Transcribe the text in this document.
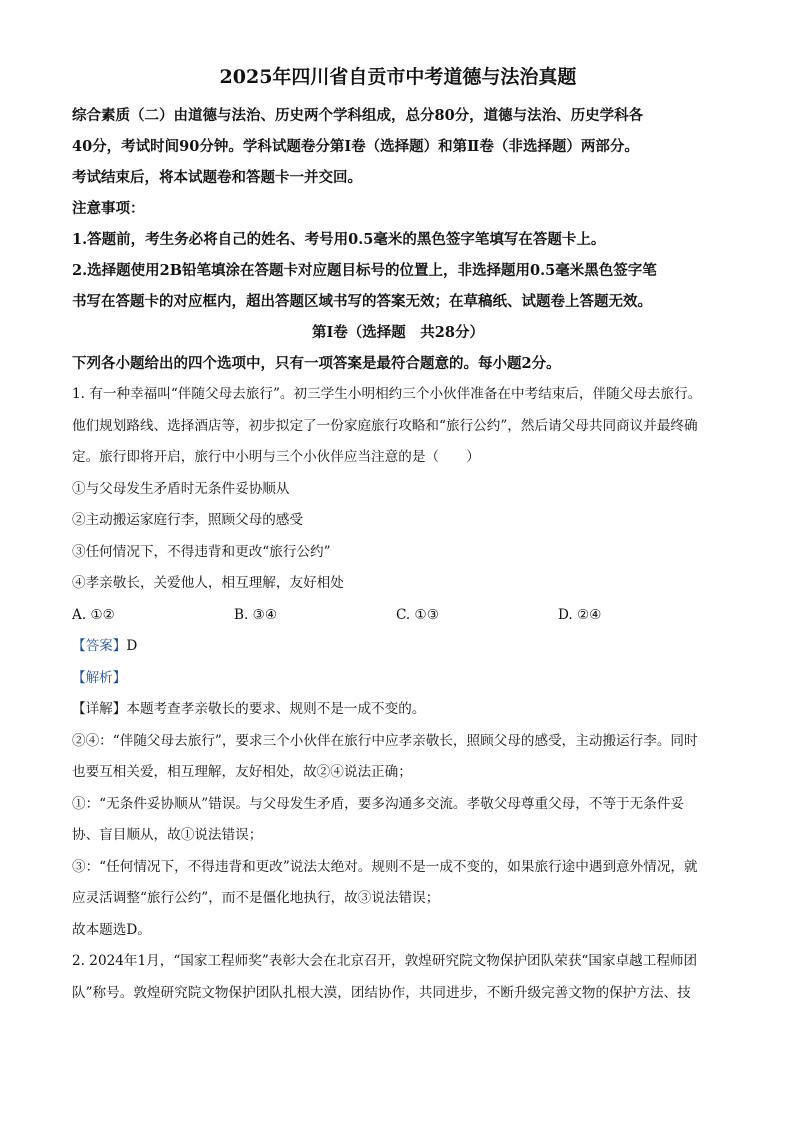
2025年四川省自贡市中考道德与法治真题
综合素质（二）由道德与法治、历史两个学科组成，总分80分，道德与法治、历史学科各
40分，考试时间90分钟。学科试题卷分第Ⅰ卷（选择题）和第Ⅱ卷（非选择题）两部分。
考试结束后，将本试题卷和答题卡一并交回。
注意事项：
1.答题前，考生务必将自己的姓名、考号用0.5毫米的黑色签字笔填写在答题卡上。
2.选择题使用2B铅笔填涂在答题卡对应题目标号的位置上，非选择题用0.5毫米黑色签字笔
书写在答题卡的对应框内，超出答题区域书写的答案无效；在草稿纸、试题卷上答题无效。
第Ⅰ卷（选择题　共28分）
下列各小题给出的四个选项中，只有一项答案是最符合题意的。每小题2分。
1. 有一种幸福叫“伴随父母去旅行”。初三学生小明相约三个小伙伴准备在中考结束后，伴随父母去旅行。
他们规划路线、选择酒店等，初步拟定了一份家庭旅行攻略和“旅行公约”，然后请父母共同商议并最终确
定。旅行即将开启，旅行中小明与三个小伙伴应当注意的是（　　）
①与父母发生矛盾时无条件妥协顺从
②主动搬运家庭行李，照顾父母的感受
③任何情况下，不得违背和更改“旅行公约”
④孝亲敬长，关爱他人，相互理解，友好相处
A. ①②	B. ③④	C. ①③	D. ②④
【答案】D
【解析】
【详解】本题考查孝亲敬长的要求、规则不是一成不变的。
②④：“伴随父母去旅行”，要求三个小伙伴在旅行中应孝亲敬长，照顾父母的感受，主动搬运行李。同时
也要互相关爱，相互理解，友好相处，故②④说法正确；
①：“无条件妥协顺从”错误。与父母发生矛盾，要多沟通多交流。孝敬父母尊重父母，不等于无条件妥
协、盲目顺从，故①说法错误；
③：“任何情况下，不得违背和更改”说法太绝对。规则不是一成不变的，如果旅行途中遇到意外情况，就
应灵活调整“旅行公约”，而不是僵化地执行，故③说法错误；
故本题选D。
2. 2024年1月，“国家工程师奖”表彰大会在北京召开，敦煌研究院文物保护团队荣获“国家卓越工程师团
队”称号。敦煌研究院文物保护团队扎根大漠，团结协作，共同进步，不断升级完善文物的保护方法、技
